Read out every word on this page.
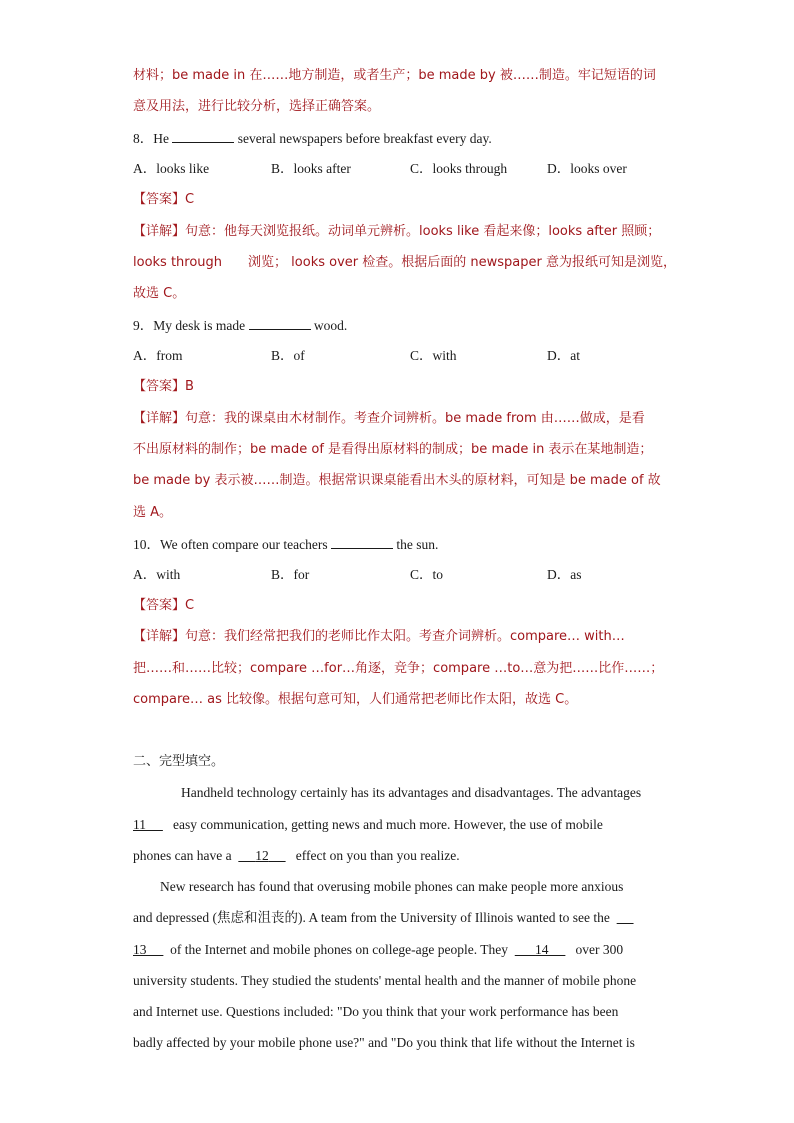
材料；be made in 在……地方制造，或者生产；be made by 被……制造。牢记短语的词
意及用法，进行比较分析，选择正确答案。
8．He	several newspapers before breakfast every day.
A．looks like	B．looks after	C．looks through	D．looks over
【答案】C
【详解】句意：他每天浏览报纸。动词单元辨析。looks like 看起来像；looks after 照顾；
looks through 浏览； looks over 检查。根据后面的 newspaper 意为报纸可知是浏览，
故选 C。
9．My desk is made	wood.
A．from	B．of	C．with	D．at
【答案】B
【详解】句意：我的课桌由木材制作。考查介词辨析。be made from 由……做成，是看
不出原材料的制作；be made of 是看得出原材料的制成；be made in 表示在某地制造；
be made by 表示被……制造。根据常识课桌能看出木头的原材料，可知是 be made of 故
选 A。
10．We often compare our teachers	the sun.
A．with	B．for	C．to	D．as
【答案】C
【详解】句意：我们经常把我们的老师比作太阳。考查介词辨析。compare… with…
把……和……比较；compare …for…角逐，竞争；compare …to…意为把……比作……；
compare… as 比较像。根据句意可知，人们通常把老师比作太阳，故选 C。
二、完型填空。
Handheld technology certainly has its advantages and disadvantages. The advantages
11 easy communication, getting news and much more. However, the use of mobile
phones can have a 12 effect on you than you realize.
New research has found that overusing mobile phones can make people more anxious
and depressed (焦虑和沮丧的). A team from the University of Illinois wanted to see the
13 of the Internet and mobile phones on college-age people. They 14 over 300
university students. They studied the students' mental health and the manner of mobile phone
and Internet use. Questions included: "Do you think that your work performance has been
badly affected by your mobile phone use?" and "Do you think that life without the Internet is
